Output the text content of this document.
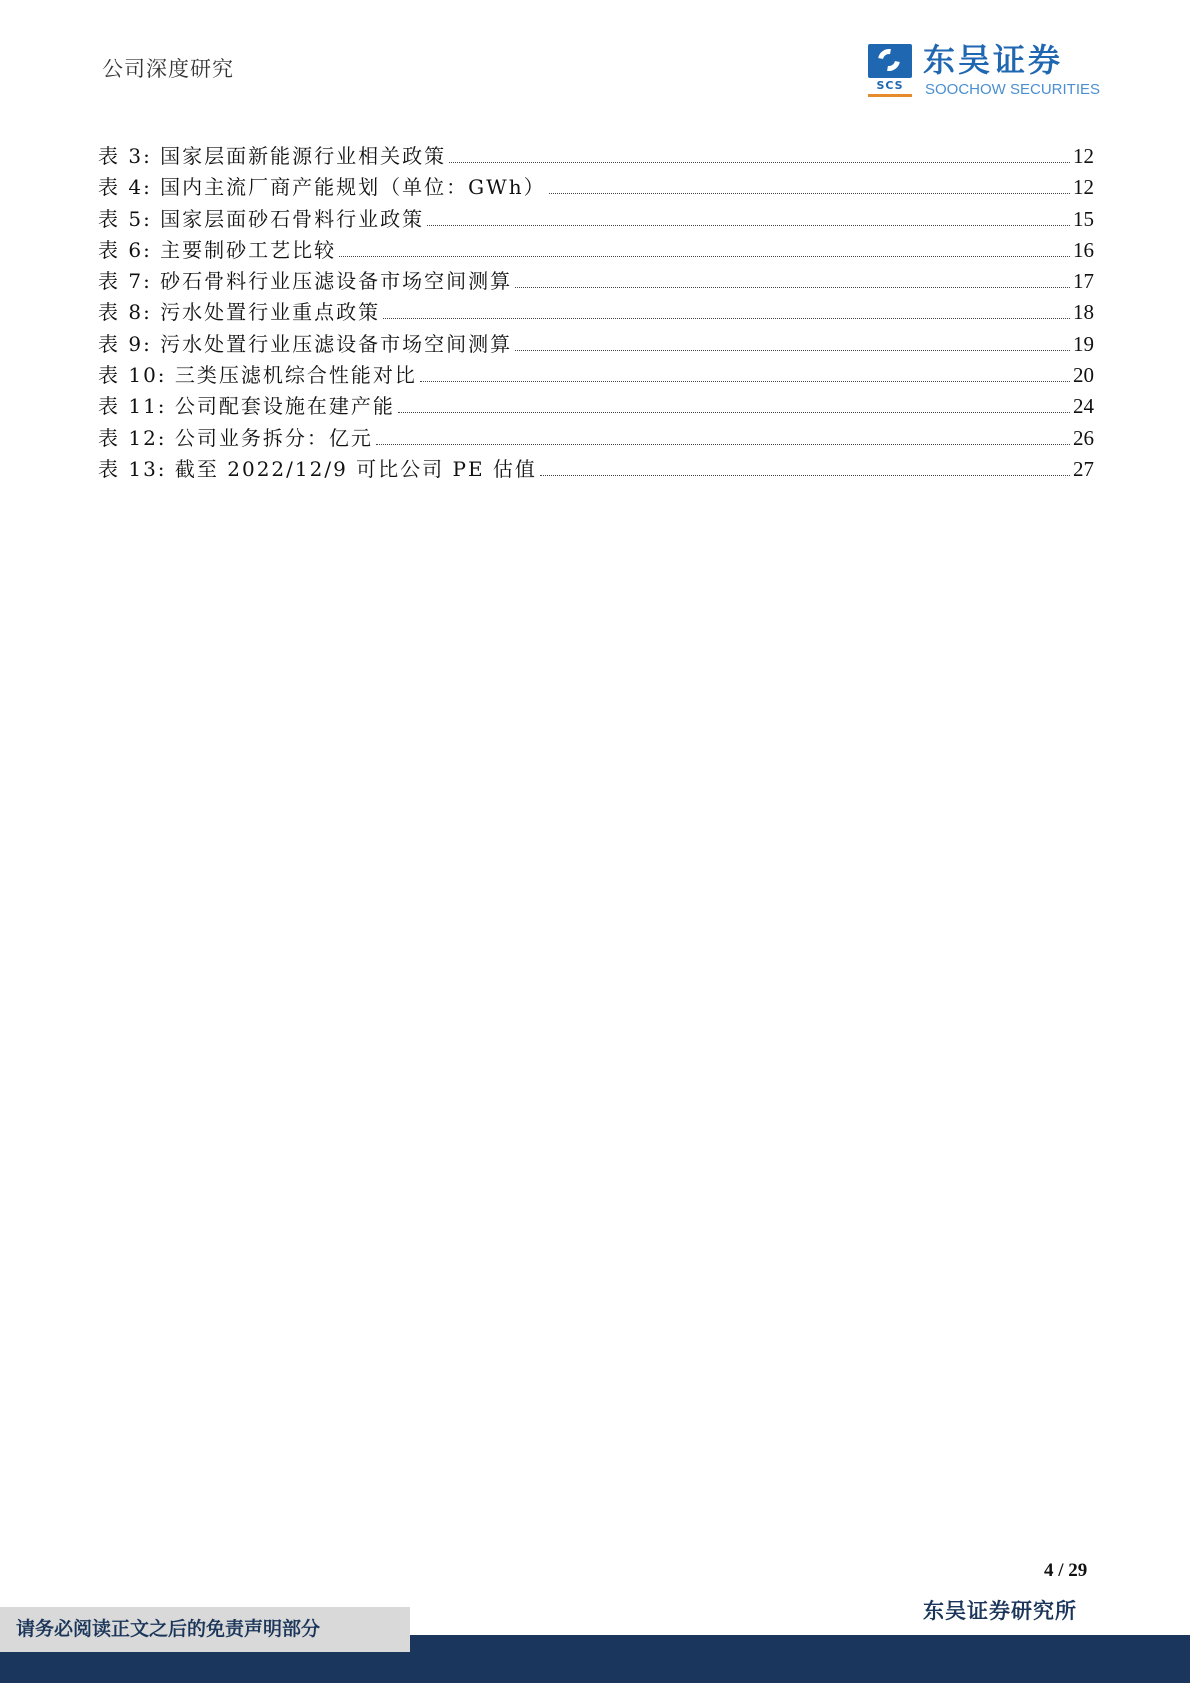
公司深度研究
SCS
东吴证券
SOOCHOW SECURITIES
表 3: 国家层面新能源行业相关政策	12
表 4: 国内主流厂商产能规划（单位：GWh）	12
表 5: 国家层面砂石骨料行业政策	15
表 6: 主要制砂工艺比较	16
表 7: 砂石骨料行业压滤设备市场空间测算	17
表 8: 污水处置行业重点政策	18
表 9: 污水处置行业压滤设备市场空间测算	19
表 10: 三类压滤机综合性能对比	20
表 11: 公司配套设施在建产能	24
表 12: 公司业务拆分：亿元	26
表 13: 截至 2022/12/9 可比公司 PE 估值	27
4 / 29
东吴证券研究所
请务必阅读正文之后的免责声明部分
